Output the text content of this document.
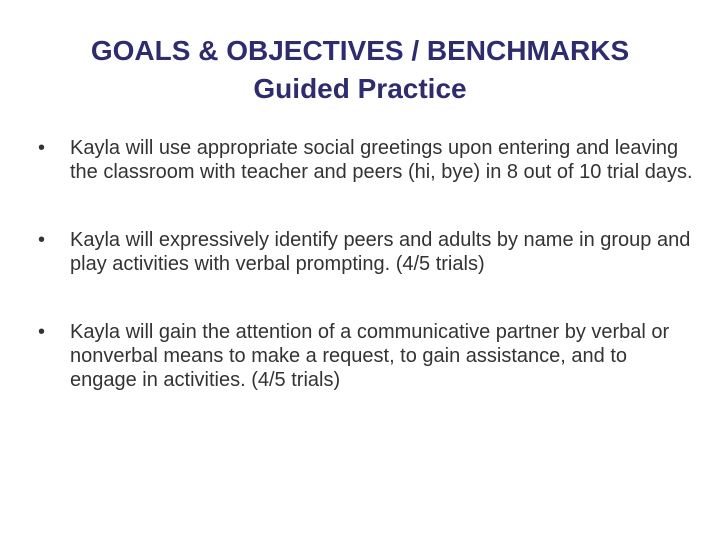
GOALS & OBJECTIVES / BENCHMARKS
Guided Practice
•	Kayla will use appropriate social greetings upon entering and leaving the classroom with teacher and peers (hi, bye) in 8 out of 10 trial days.
•	Kayla will expressively identify peers and adults by name in group and play activities with verbal prompting. (4/5 trials)
•	Kayla will gain the attention of a communicative partner by verbal or nonverbal means to make a request, to gain assistance, and to engage in activities. (4/5 trials)
